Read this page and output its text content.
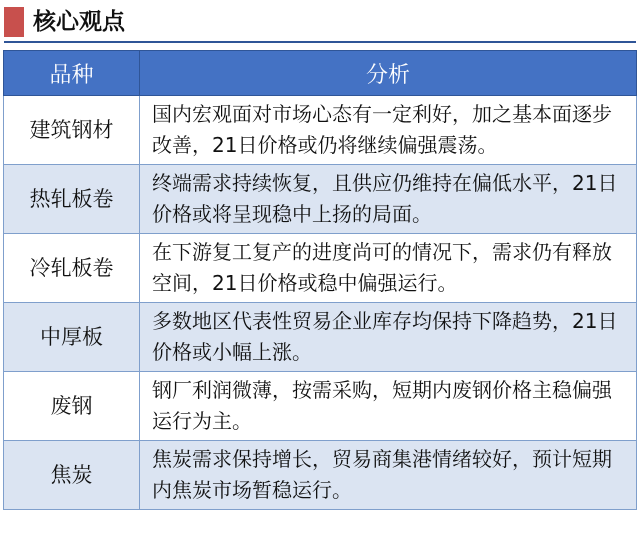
核心观点
品种	分析
建筑钢材	国内宏观面对市场心态有一定利好，加之基本面逐步改善，21日价格或仍将继续偏强震荡。
热轧板卷	终端需求持续恢复，且供应仍维持在偏低水平，21日价格或将呈现稳中上扬的局面。
冷轧板卷	在下游复工复产的进度尚可的情况下，需求仍有释放空间，21日价格或稳中偏强运行。
中厚板	多数地区代表性贸易企业库存均保持下降趋势，21日价格或小幅上涨。
废钢	钢厂利润微薄，按需采购，短期内废钢价格主稳偏强运行为主。
焦炭	焦炭需求保持增长，贸易商集港情绪较好，预计短期内焦炭市场暂稳运行。
